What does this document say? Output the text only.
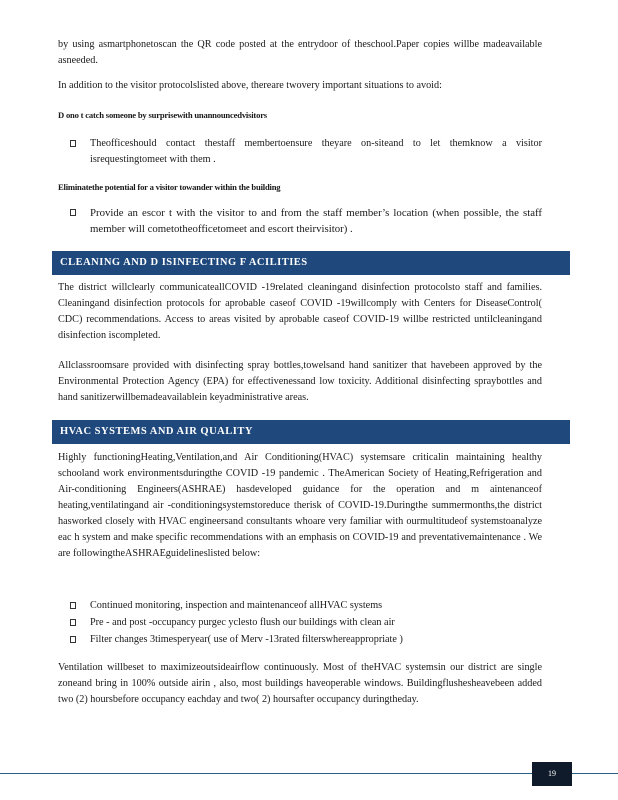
by using asmartphonetoscan the QR code posted at the entrydoor of theschool.Paper copies willbe madeavailable asneeded.

In addition to the visitor protocolslisted above, thereare twovery important situations to avoid:

D ono t catch someone by surprisewith unannouncedvisitors

Theofficeshould contact thestaff membertoensure theyare on-siteand to let themknow a visitor isrequestingtomeet with them .

Eliminatethe potential for a visitor towander within the building

Provide an escor t with the visitor to and from the staff member’s location (when possible, the staff member will cometotheofficetomeet and escort theirvisitor) .
CLEANING AND D ISINFECTING F ACILITIES

The district willclearly communicateallCOVID -19related cleaningand disinfection protocolsto staff and families. Cleaningand disinfection protocols for aprobable caseof COVID -19willcomply with Centers for DiseaseControl( CDC) recommendations. Access to areas visited by aprobable caseof COVID-19 willbe restricted untilcleaningand disinfection iscompleted.

Allclassroomsare provided with disinfecting spray bottles,towelsand hand sanitizer that havebeen approved by the Environmental Protection Agency (EPA) for effectivenessand low toxicity. Additional disinfecting spraybottles and hand sanitizerwillbemadeavailablein keyadministrative areas.

HVAC SYSTEMS AND AIR QUALITY

Highly functioningHeating,Ventilation,and Air Conditioning(HVAC) systemsare criticalin maintaining healthy schooland work environmentsduringthe COVID -19 pandemic . TheAmerican Society of Heating,Refrigeration and Air-conditioning Engineers(ASHRAE) hasdeveloped guidance for the operation and m aintenanceof heating,ventilatingand air -conditioningsystemstoreduce therisk of COVID-19.Duringthe summermonths,the district hasworked closely with HVAC engineersand consultants whoare very familiar with ourmultitudeof systemstoanalyze eac h system and make specific recommendations with an emphasis on COVID-19 and preventativemaintenance . We are followingtheASHRAEguidelineslisted below:

Continued monitoring, inspection and maintenanceof allHVAC systems
Pre - and post -occupancy purgec yclesto flush our buildings with clean air
Filter changes 3timesperyear( use of Merv -13rated filterswhereappropriate )

Ventilation willbeset to maximizeoutsideairflow continuously. Most of theHVAC systemsin our district are single zoneand bring in 100% outside airin , also, most buildings haveoperable windows. Buildingflushesheavebeen added two (2) hoursbefore occupancy eachday and two( 2) hoursafter occupancy duringtheday.

19
